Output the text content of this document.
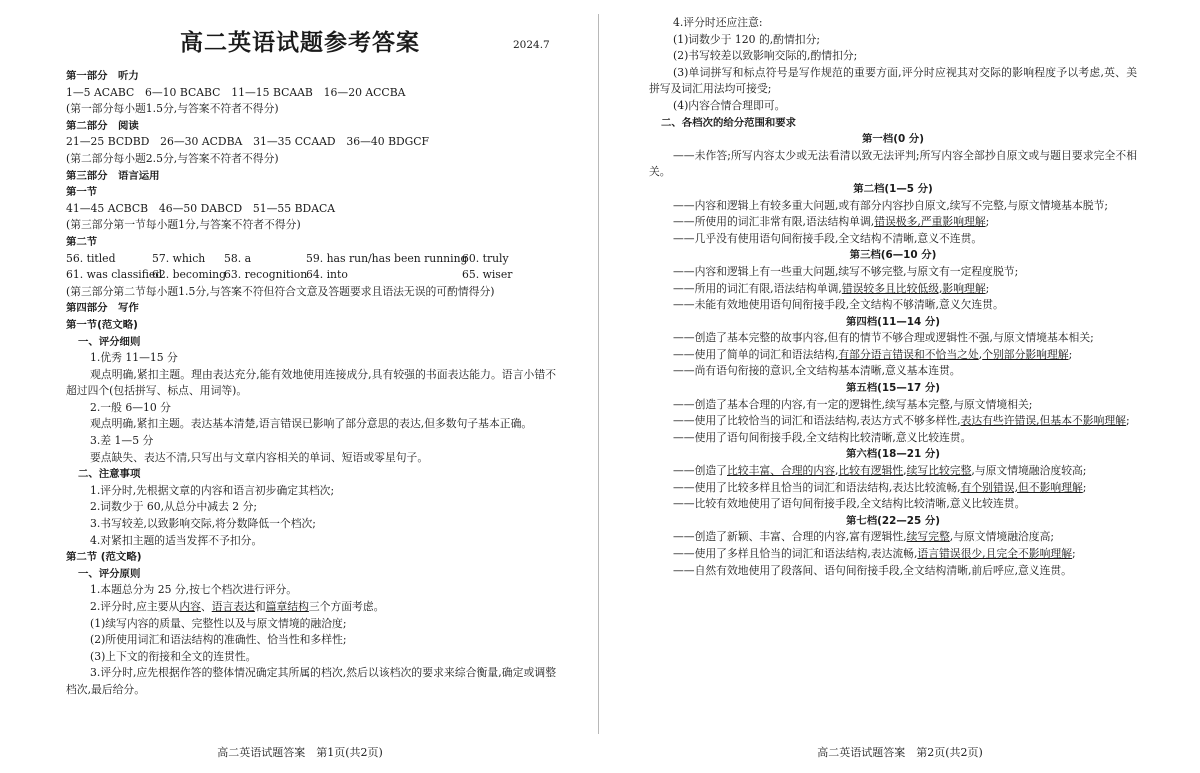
高二英语试题参考答案	2024.7
第一部分　听力
1—5 ACABC　6—10 BCABC　11—15 BCAAB　16—20 ACCBA
(第一部分每小题1.5分,与答案不符者不得分)
第二部分　阅读
21—25 BCDBD　26—30 ACDBA　31—35 CCAAD　36—40 BDGCF
(第二部分每小题2.5分,与答案不符者不得分)
第三部分　语言运用
第一节
41—45 ACBCB　46—50 DABCD　51—55 BDACA
(第三部分第一节每小题1分,与答案不符者不得分)
第二节
56. titled	57. which	58. a	59. has run/has been running
60. truly
61. was classified
62. becoming
63. recognition
64. into	65. wiser
(第三部分第二节每小题1.5分,与答案不符但符合文意及答题要求且语法无误的可酌情得分)
第四部分　写作
第一节(范文略)
一、评分细则
1.优秀 11—15 分
观点明确,紧扣主题。理由表达充分,能有效地使用连接成分,具有较强的书面表达能力。语言小错不超过四个(包括拼写、标点、用词等)。
2.一般 6—10 分
观点明确,紧扣主题。表达基本清楚,语言错误已影响了部分意思的表达,但多数句子基本正确。
3.差 1—5 分
要点缺失、表达不清,只写出与文章内容相关的单词、短语或零星句子。
二、注意事项
1.评分时,先根据文章的内容和语言初步确定其档次;
2.词数少于 60,从总分中减去 2 分;
3.书写较差,以致影响交际,将分数降低一个档次;
4.对紧扣主题的适当发挥不予扣分。
第二节 (范文略)
一、评分原则
1.本题总分为 25 分,按七个档次进行评分。
2.评分时,应主要从内容、语言表达和篇章结构三个方面考虑。
(1)续写内容的质量、完整性以及与原文情境的融洽度;
(2)所使用词汇和语法结构的准确性、恰当性和多样性;
(3)上下文的衔接和全文的连贯性。
3.评分时,应先根据作答的整体情况确定其所属的档次,然后以该档次的要求来综合衡量,确定或调整档次,最后给分。
高二英语试题答案　第1页(共2页)
4.评分时还应注意:
(1)词数少于 120 的,酌情扣分;
(2)书写较差以致影响交际的,酌情扣分;
(3)单词拼写和标点符号是写作规范的重要方面,评分时应视其对交际的影响程度予以考虑,英、美拼写及词汇用法均可接受;
(4)内容合情合理即可。
二、各档次的给分范围和要求
第一档(0 分)
——未作答;所写内容太少或无法看清以致无法评判;所写内容全部抄自原文或与题目要求完全不相关。
第二档(1—5 分)
——内容和逻辑上有较多重大问题,或有部分内容抄自原文,续写不完整,与原文情境基本脱节;
——所使用的词汇非常有限,语法结构单调,错误极多,严重影响理解;
——几乎没有使用语句间衔接手段,全文结构不清晰,意义不连贯。
第三档(6—10 分)
——内容和逻辑上有一些重大问题,续写不够完整,与原文有一定程度脱节;
——所用的词汇有限,语法结构单调,错误较多且比较低级,影响理解;
——未能有效地使用语句间衔接手段,全文结构不够清晰,意义欠连贯。
第四档(11—14 分)
——创造了基本完整的故事内容,但有的情节不够合理或逻辑性不强,与原文情境基本相关;
——使用了简单的词汇和语法结构,有部分语言错误和不恰当之处,个别部分影响理解;
——尚有语句衔接的意识,全文结构基本清晰,意义基本连贯。
第五档(15—17 分)
——创造了基本合理的内容,有一定的逻辑性,续写基本完整,与原文情境相关;
——使用了比较恰当的词汇和语法结构,表达方式不够多样性,表达有些许错误,但基本不影响理解;
——使用了语句间衔接手段,全文结构比较清晰,意义比较连贯。
第六档(18—21 分)
——创造了比较丰富、合理的内容,比较有逻辑性,续写比较完整,与原文情境融洽度较高;
——使用了比较多样且恰当的词汇和语法结构,表达比较流畅,有个别错误,但不影响理解;
——比较有效地使用了语句间衔接手段,全文结构比较清晰,意义比较连贯。
第七档(22—25 分)
——创造了新颖、丰富、合理的内容,富有逻辑性,续写完整,与原文情境融洽度高;
——使用了多样且恰当的词汇和语法结构,表达流畅,语言错误很少,且完全不影响理解;
——自然有效地使用了段落间、语句间衔接手段,全文结构清晰,前后呼应,意义连贯。
高二英语试题答案　第2页(共2页)
